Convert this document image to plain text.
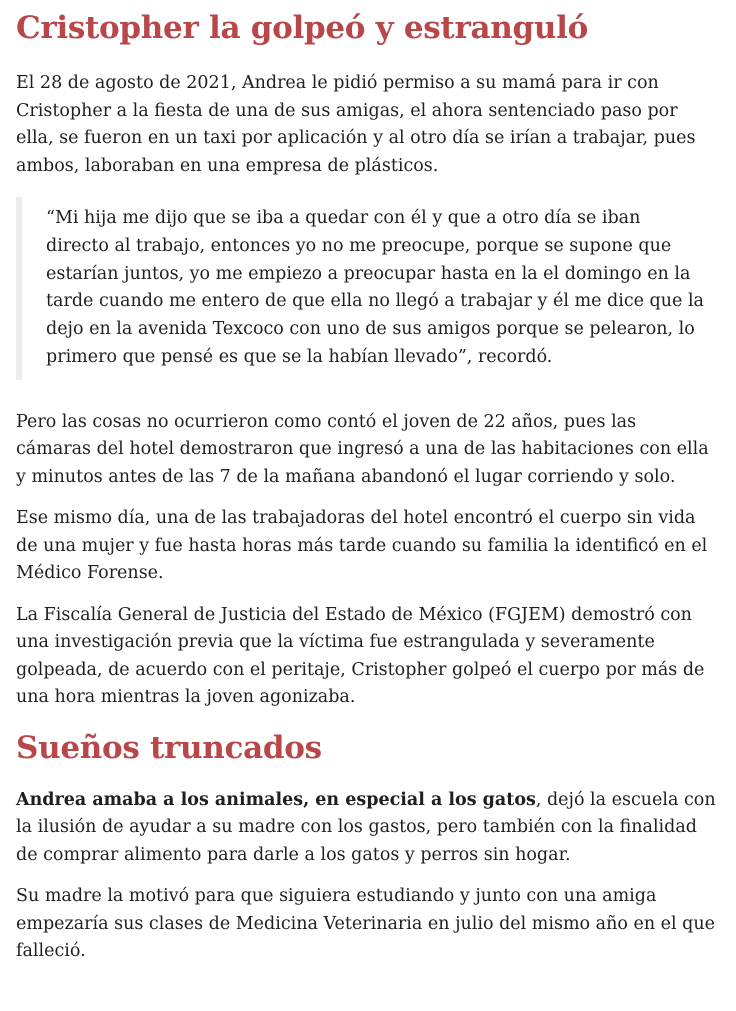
Cristopher la golpeó y estranguló

El 28 de agosto de 2021, Andrea le pidió permiso a su mamá para ir con Cristopher a la fiesta de una de sus amigas, el ahora sentenciado paso por ella, se fueron en un taxi por aplicación y al otro día se irían a trabajar, pues ambos, laboraban en una empresa de plásticos.

“Mi hija me dijo que se iba a quedar con él y que a otro día se iban directo al trabajo, entonces yo no me preocupe, porque se supone que estarían juntos, yo me empiezo a preocupar hasta en la el domingo en la tarde cuando me entero de que ella no llegó a trabajar y él me dice que la dejo en la avenida Texcoco con uno de sus amigos porque se pelearon, lo primero que pensé es que se la habían llevado”, recordó.

Pero las cosas no ocurrieron como contó el joven de 22 años, pues las cámaras del hotel demostraron que ingresó a una de las habitaciones con ella y minutos antes de las 7 de la mañana abandonó el lugar corriendo y solo.

Ese mismo día, una de las trabajadoras del hotel encontró el cuerpo sin vida de una mujer y fue hasta horas más tarde cuando su familia la identificó en el Médico Forense.

La Fiscalía General de Justicia del Estado de México (FGJEM) demostró con una investigación previa que la víctima fue estrangulada y severamente golpeada, de acuerdo con el peritaje, Cristopher golpeó el cuerpo por más de una hora mientras la joven agonizaba.

Sueños truncados

Andrea amaba a los animales, en especial a los gatos, dejó la escuela con la ilusión de ayudar a su madre con los gastos, pero también con la finalidad de comprar alimento para darle a los gatos y perros sin hogar.

Su madre la motivó para que siguiera estudiando y junto con una amiga empezaría sus clases de Medicina Veterinaria en julio del mismo año en el que falleció.
